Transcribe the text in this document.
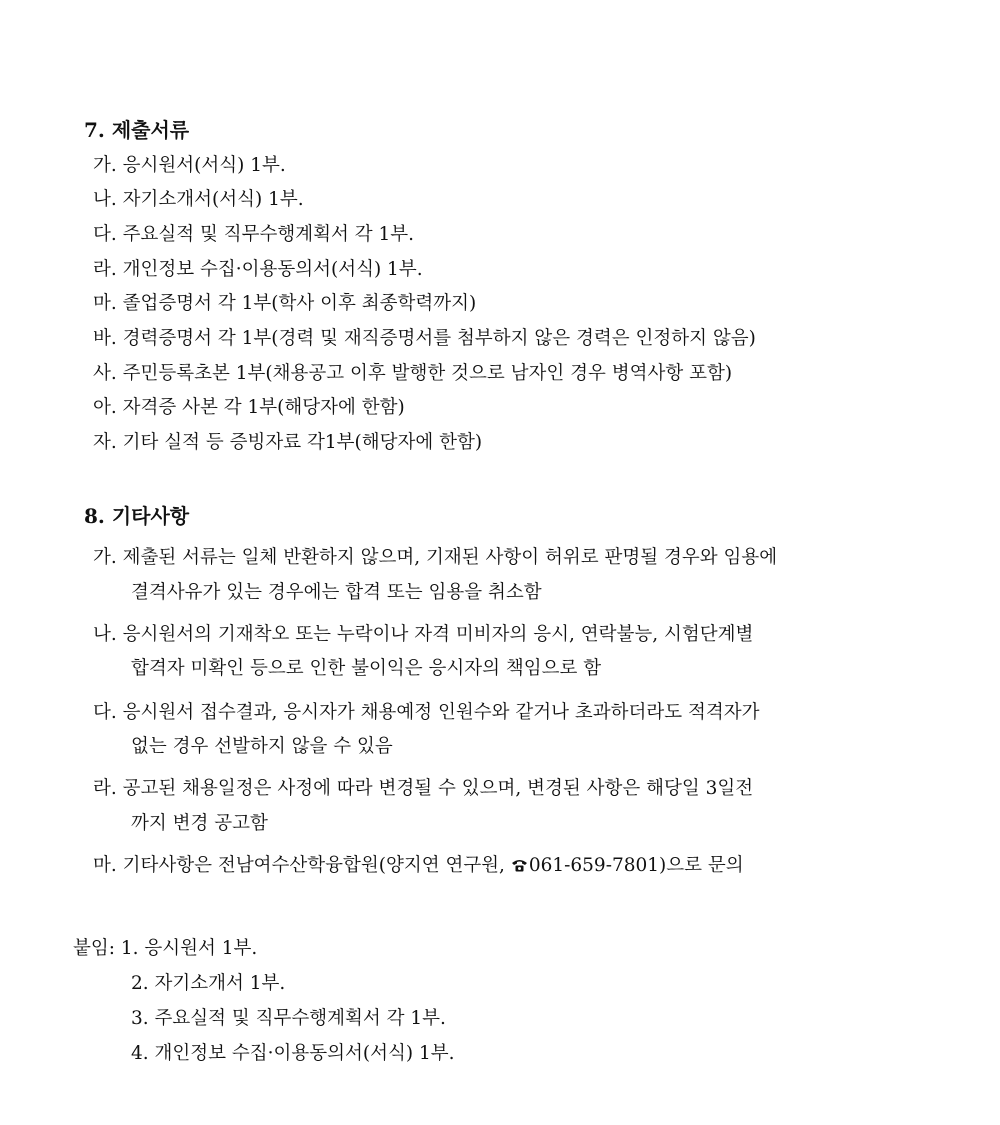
7. 제출서류
가. 응시원서(서식) 1부.
나. 자기소개서(서식) 1부.
다. 주요실적 및 직무수행계획서 각 1부.
라. 개인정보 수집·이용동의서(서식) 1부.
마. 졸업증명서 각 1부(학사 이후 최종학력까지)
바. 경력증명서 각 1부(경력 및 재직증명서를 첨부하지 않은 경력은 인정하지 않음)
사. 주민등록초본 1부(채용공고 이후 발행한 것으로 남자인 경우 병역사항 포함)
아. 자격증 사본 각 1부(해당자에 한함)
자. 기타 실적 등 증빙자료 각1부(해당자에 한함)
8. 기타사항
가. 제출된 서류는 일체 반환하지 않으며, 기재된 사항이 허위로 판명될 경우와 임용에
결격사유가 있는 경우에는 합격 또는 임용을 취소함
나. 응시원서의 기재착오 또는 누락이나 자격 미비자의 응시, 연락불능, 시험단계별
합격자 미확인 등으로 인한 불이익은 응시자의 책임으로 함
다. 응시원서 접수결과, 응시자가 채용예정 인원수와 같거나 초과하더라도 적격자가
없는 경우 선발하지 않을 수 있음
라. 공고된 채용일정은 사정에 따라 변경될 수 있으며, 변경된 사항은 해당일 3일전
까지 변경 공고함
마. 기타사항은 전남여수산학융합원(양지연 연구원, 061-659-7801)으로 문의
붙임: 1. 응시원서 1부.
2. 자기소개서 1부.
3. 주요실적 및 직무수행계획서 각 1부.
4. 개인정보 수집·이용동의서(서식) 1부.
